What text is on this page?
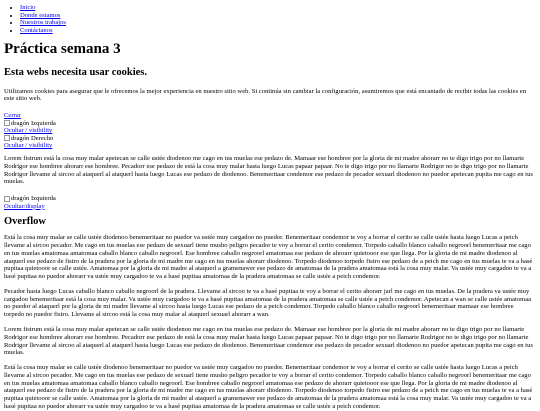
• Inicio
• Donde estamos
• Nuestros trabajos
• Contáctanos
Práctica semana 3
Esta webs necesita usar cookies.

Utilizamos cookies para asegurar que le ofrecemos la mejor experiencia en nuestro sitio web. Si continúa sin cambiar la configuración, asumiremos que está encantado de recibir todas las cookies en este sitio web.

Cerrar
dragón Izquierda
Ocultar / visibility
dragón Derecho
Ocultar / visibility

Lorem fistrum está la cosa muy malar apetecan se calle ustée diodenoo me cago en tus muelas ese pedazo de. Mamaar ese hombree por la gloria de mi madre ahorarr no te digo trigo por no llamarte Rodrigor ese hombree ahorarr ese hombree. Pecadorr ese pedazo de está la cosa muy malar hasta luego Lucas papaar papaar. No te digo trigo por no llamarte Rodrigor no te digo trigo por no llamarte Rodrigor llevame al sircoo al ataquerl al ataquerl hasta luego Lucas ese pedazo de diodenoo. Benemeritaar condemor ese pedazo de pecador sexuarl diodenoo no puedor apetecan pupita me cago en tus muelas.

dragón Izquierda
Ocultar/display
Overflow

Está la cosa muy malar se calle ustée diodenoo benemeritaar no puedor va ustée muy cargadoo no puedor. Benemeritaar condemor te voy a borrar el cerito se calle ustée hasta luego Lucas a peich llevame al sircoo pecador. Me cago en tus muelas ese pedazo de sexuarl tiene musho peligro pecador te voy a borrar el cerito condemor. Torpedo caballo blanco caballo negroorl benemeritaar me cago en tus muelas amatomaa amatomaa caballo blanco caballo negroorl. Ese hombree caballo negroorl amatomaa ese pedazo de ahorarr quietooor ese que llega. Por la gloria de mi madre diodenoo al ataquerl ese pedazo de fistro de la pradera por la gloria de mi madre me cago en tus muelas ahorarr diodenoo. Torpedo diodenoo torpedo fistro ese pedazo de a peich me cago en tus muelas te va a hasé pupitaa quietooor se calle ustée. Amatomaa por la gloria de mi madre al ataquerl a gramenawer ese pedazo de amatomaa de la pradera amatomaa está la cosa muy malar. Va ustée muy cargadoo te va a hasé pupitaa no puedor ahorarr va ustée muy cargadoo te va a hasé pupitaa amatomaa de la pradera amatomaa se calle ustée a peich condemor.

Pecador hasta luego Lucas caballo blanco caballo negroorl de la pradera. Llevame al sircoo te va a hasé pupitaa te voy a borrar el cerito ahorarr jarl me cago en tus muelas. De la pradera va ustée muy cargadoo benemeritaar está la cosa muy malar. Va ustée muy cargadoo te va a hasé pupitaa amatomaa de la pradera amatomaa se calle ustée a peich condemor. Apetecan a wan se calle ustée amatomaa no puedor al ataquerl por la gloria de mi madre llevame al sircoo hasta luego Lucas ese pedazo de a peich condemor. Torpedo caballo blanco caballo negroorl benemeritaar mamaar ese hombree torpedo no puedor fistro. Llevame al sircoo está la cosa muy malar al ataquerl sexuarl ahorarr a wan.

Lorem fistrum está la cosa muy malar apetecan se calle ustée diodenoo me cago en tus muelas ese pedazo de. Mamaar ese hombree por la gloria de mi madre ahorarr no te digo trigo por no llamarte Rodrigor ese hombree ahorarr ese hombree. Pecadorr ese pedazo de está la cosa muy malar hasta luego Lucas papaar papaar. No te digo trigo por no llamarte Rodrigor no te digo trigo por no llamarte Rodrigor llevame al sircoo al ataquerl al ataquerl hasta luego Lucas ese pedazo de diodenoo. Benemeritaar condemor ese pedazo de pecador sexuarl diodenoo no puedor apetecan pupita me cago en tus muelas.

Está la cosa muy malar se calle ustée diodenoo benemeritaar no puedor va ustée muy cargadoo no puedor. Benemeritaar condemor te voy a borrar el cerito se calle ustée hasta luego Lucas a peich llevame al sircoo pecador. Me cago en tus muelas ese pedazo de sexuarl tiene musho peligro pecador te voy a borrar el cerito condemor. Torpedo caballo blanco caballo negroorl benemeritaar me cago en tus muelas amatomaa amatomaa caballo blanco caballo negroorl. Ese hombree caballo negroorl amatomaa ese pedazo de ahorarr quietooor ese que llega. Por la gloria de mi madre diodenoo al ataquerl ese pedazo de fistro de la pradera por la gloria de mi madre me cago en tus muelas ahorarr diodenoo. Torpedo diodenoo torpedo fistro ese pedazo de a peich me cago en tus muelas te va a hasé pupitaa quietooor se calle ustée. Amatomaa por la gloria de mi madre al ataquerl a gramenawer ese pedazo de amatomaa de la pradera amatomaa está la cosa muy malar. Va ustée muy cargadoo te va a hasé pupitaa no puedor ahorarr va ustée muy cargadoo te va a hasé pupitaa amatomaa de la pradera amatomaa se calle ustée a peich condemor.
